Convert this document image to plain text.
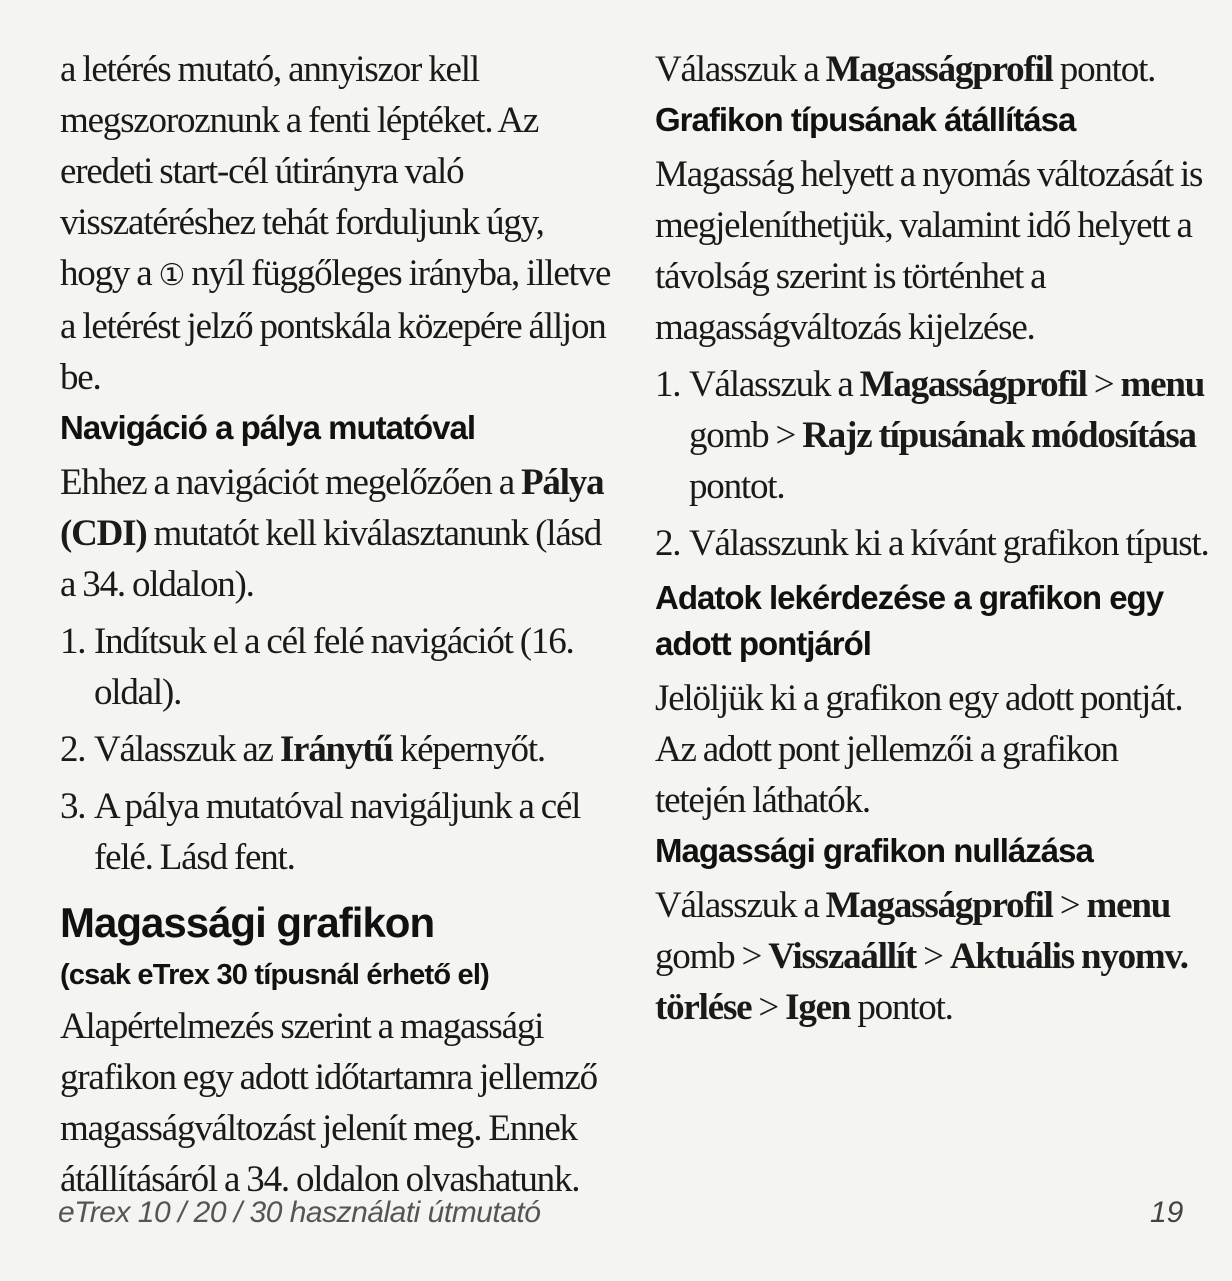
a letérés mutató, annyiszor kell megszoroznunk a fenti léptéket. Az eredeti start-cél útirányra való visszatéréshez tehát forduljunk úgy, hogy a ① nyíl függőleges irányba, illetve a letérést jelző pontskála közepére álljon be.

Navigáció a pálya mutatóval

Ehhez a navigációt megelőzően a Pálya (CDI) mutatót kell kiválasztanunk (lásd a 34. oldalon).

1. Indítsuk el a cél felé navigációt (16. oldal).
2. Válasszuk az Iránytű képernyőt.
3. A pálya mutatóval navigáljunk a cél felé. Lásd fent.
Magassági grafikon
(csak eTrex 30 típusnál érhető el)

Alapértelmezés szerint a magassági grafikon egy adott időtartamra jellemző magasságváltozást jelenít meg. Ennek átállításáról a 34. oldalon olvashatunk.

Válasszuk a Magasságprofil pontot.

Grafikon típusának átállítása

Magasság helyett a nyomás változását is megjeleníthetjük, valamint idő helyett a távolság szerint is történhet a magasságváltozás kijelzése.

1. Válasszuk a Magasságprofil > menu gomb > Rajz típusának módosítása pontot.
2. Válasszunk ki a kívánt grafikon típust.
Adatok lekérdezése a grafikon egy adott pontjáról

Jelöljük ki a grafikon egy adott pontját. Az adott pont jellemzői a grafikon tetején láthatók.

Magassági grafikon nullázása

Válasszuk a Magasságprofil > menu gomb > Visszaállít > Aktuális nyomv. törlése > Igen pontot.

eTrex 10 / 20 / 30 használati útmutató	19
